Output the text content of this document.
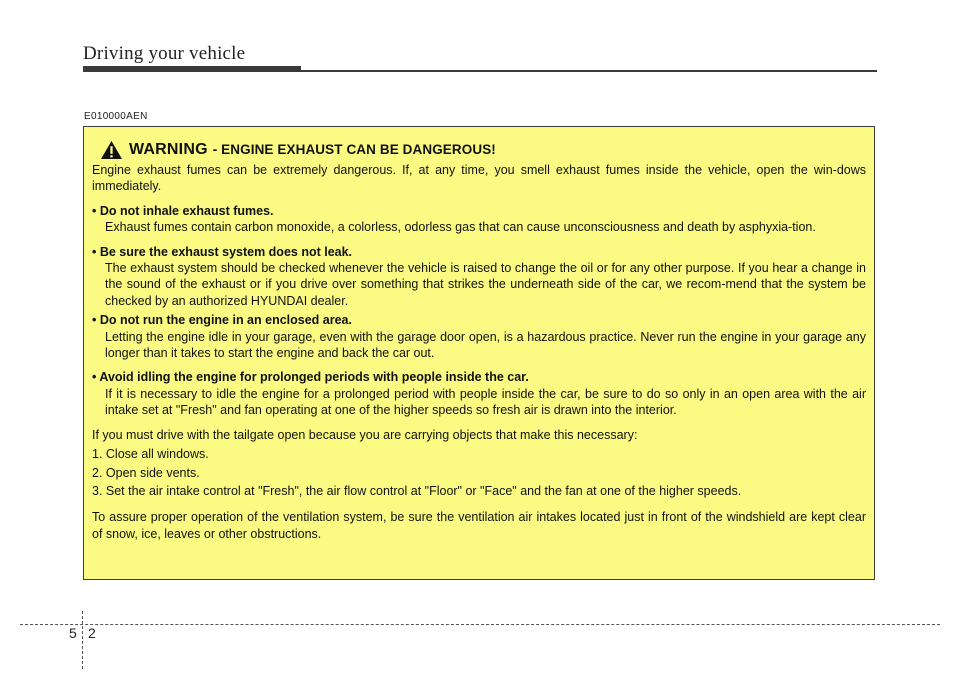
Driving your vehicle
E010000AEN
WARNING - ENGINE EXHAUST CAN BE DANGEROUS!

Engine exhaust fumes can be extremely dangerous. If, at any time, you smell exhaust fumes inside the vehicle, open the win-dows immediately.

• Do not inhale exhaust fumes.

Exhaust fumes contain carbon monoxide, a colorless, odorless gas that can cause unconsciousness and death by asphyxia-tion.

• Be sure the exhaust system does not leak.

The exhaust system should be checked whenever the vehicle is raised to change the oil or for any other purpose. If you hear a change in the sound of the exhaust or if you drive over something that strikes the underneath side of the car, we recom-mend that the system be checked by an authorized HYUNDAI dealer.

• Do not run the engine in an enclosed area.

Letting the engine idle in your garage, even with the garage door open, is a hazardous practice. Never run the engine in your garage any longer than it takes to start the engine and back the car out.

• Avoid idling the engine for prolonged periods with people inside the car.

If it is necessary to idle the engine for a prolonged period with people inside the car, be sure to do so only in an open area with the air intake set at "Fresh" and fan operating at one of the higher speeds so fresh air is drawn into the interior.

If you must drive with the tailgate open because you are carrying objects that make this necessary:

1. Close all windows.

2. Open side vents.

3. Set the air intake control at "Fresh", the air flow control at "Floor" or "Face" and the fan at one of the higher speeds.

To assure proper operation of the ventilation system, be sure the ventilation air intakes located just in front of the windshield are kept clear of snow, ice, leaves or other obstructions.

5 2
